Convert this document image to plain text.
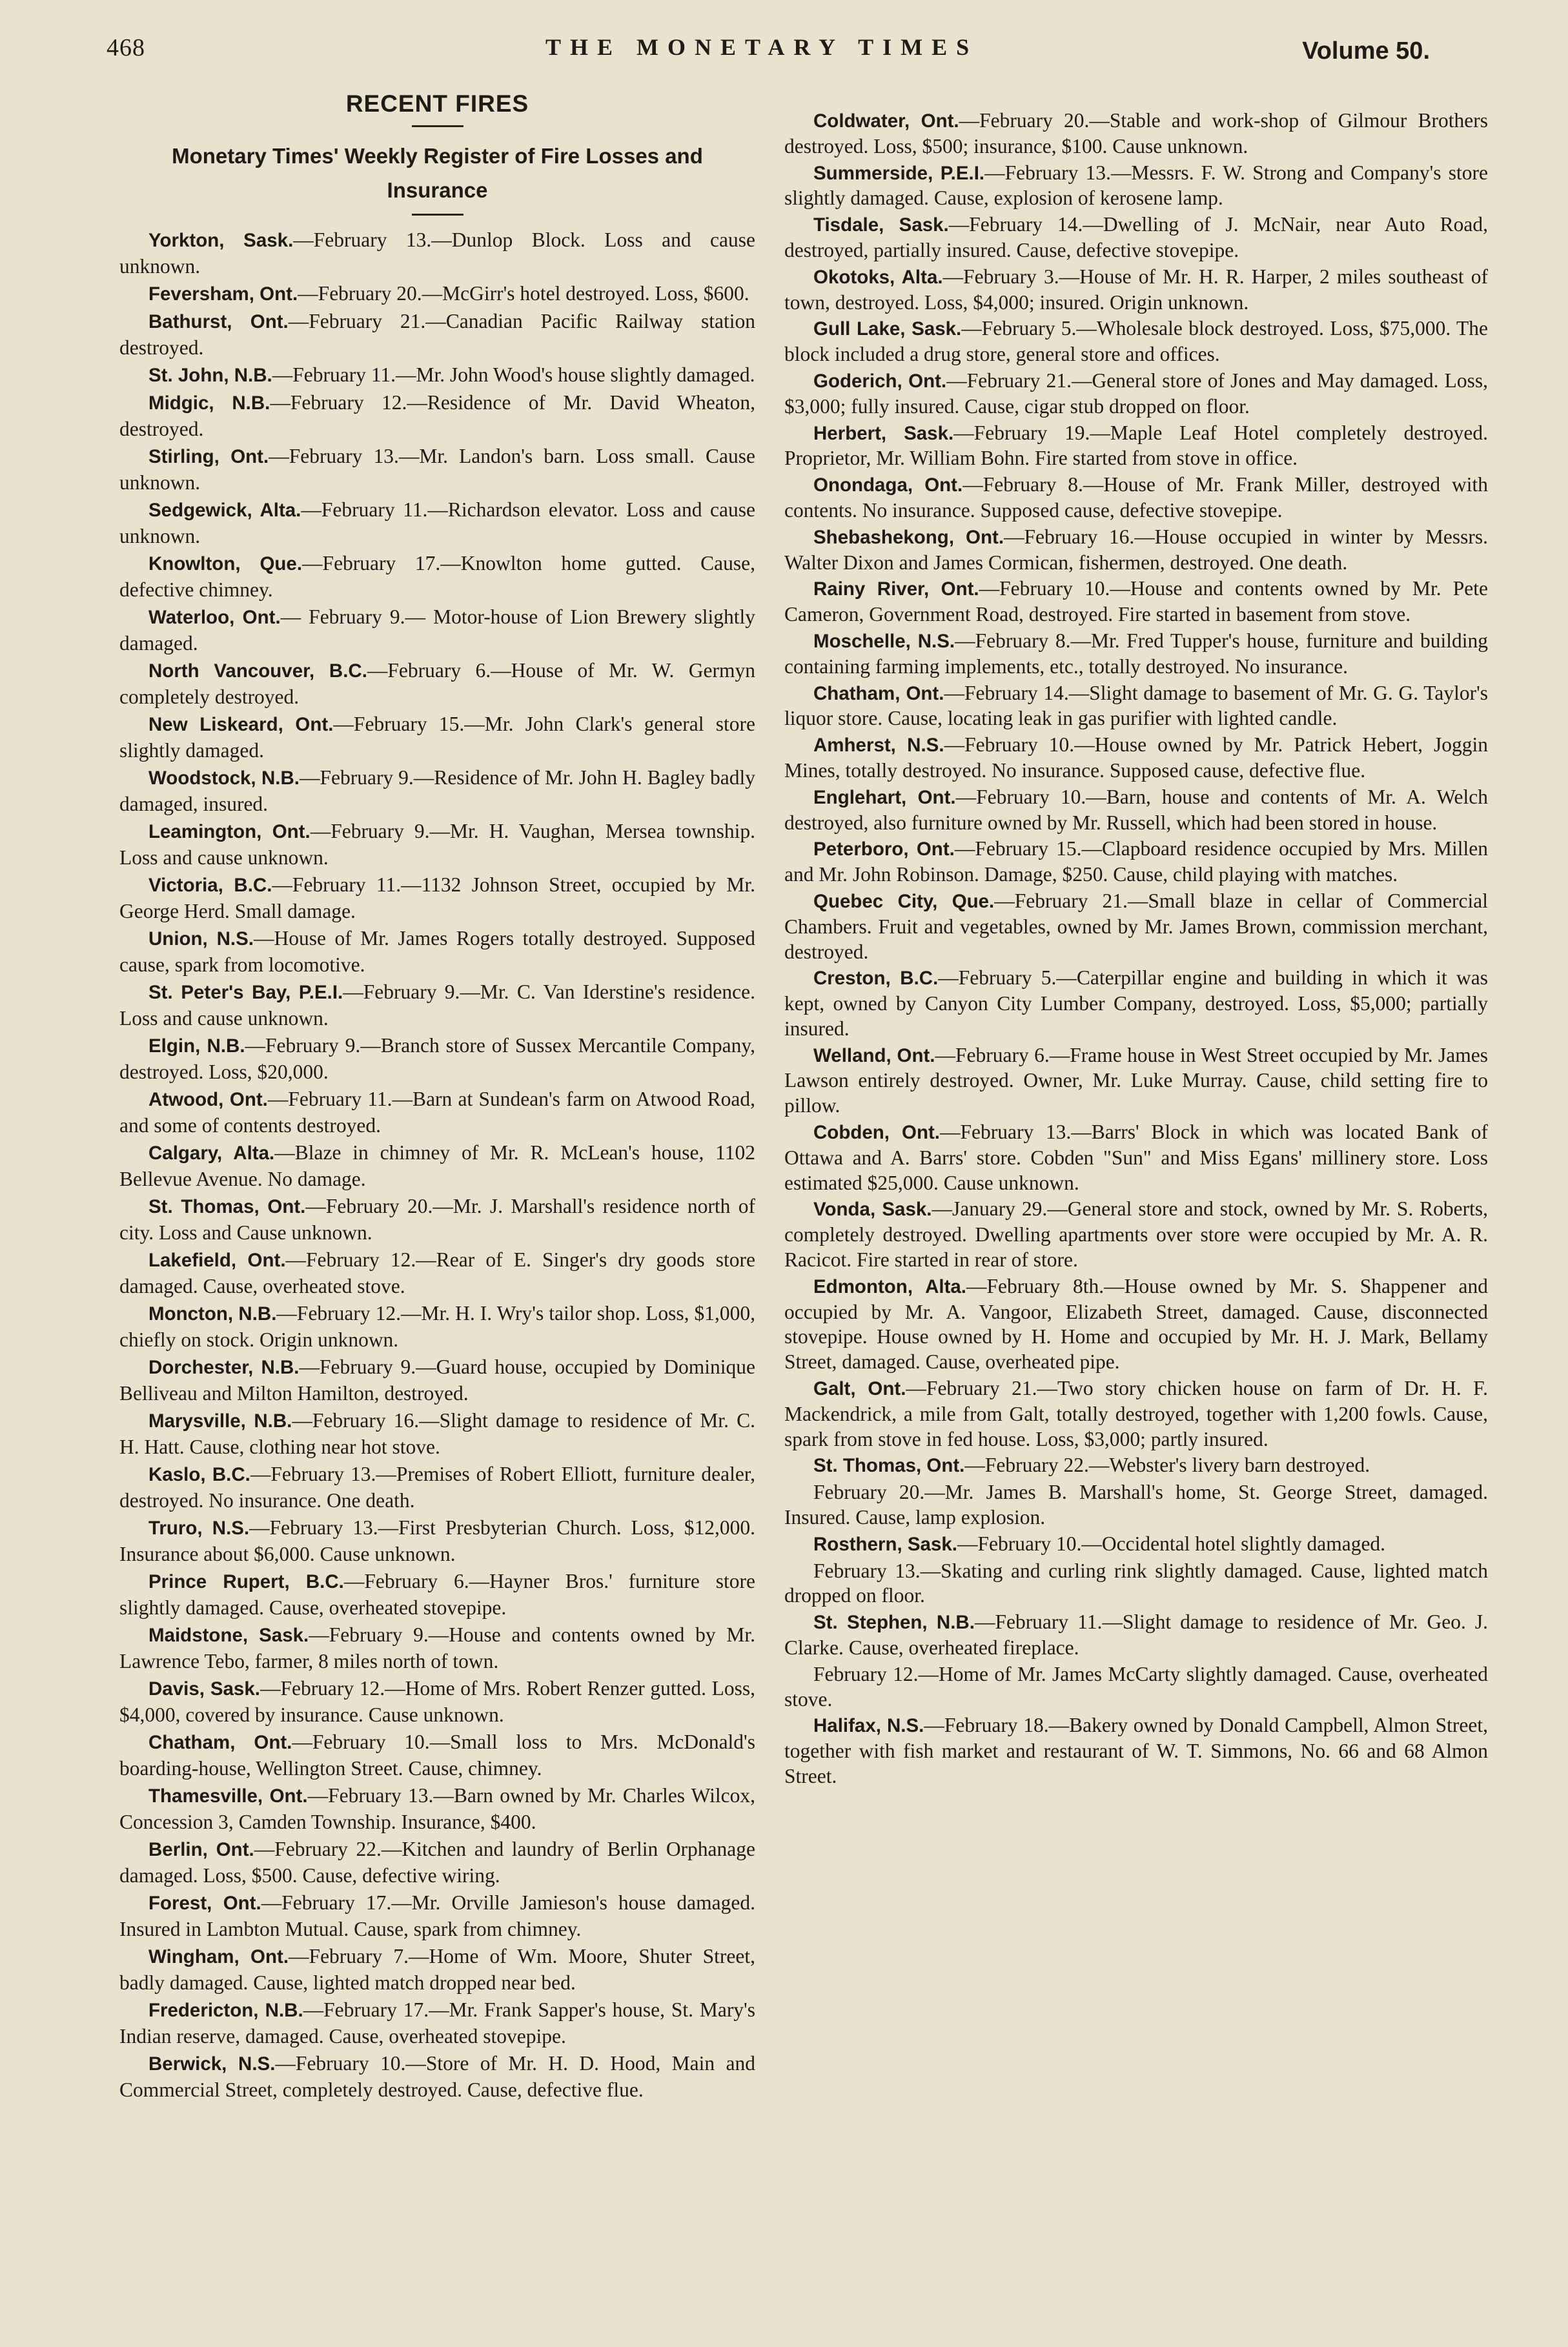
468	THE MONETARY TIMES	Volume 50.
RECENT FIRES
Monetary Times' Weekly Register of Fire Losses and Insurance

Yorkton, Sask.—February 13.—Dunlop Block. Loss and cause unknown.

Feversham, Ont.—February 20.—McGirr's hotel destroyed. Loss, $600.

Bathurst, Ont.—February 21.—Canadian Pacific Railway station destroyed.

St. John, N.B.—February 11.—Mr. John Wood's house slightly damaged.

Midgic, N.B.—February 12.—Residence of Mr. David Wheaton, destroyed.

Stirling, Ont.—February 13.—Mr. Landon's barn. Loss small. Cause unknown.

Sedgewick, Alta.—February 11.—Richardson elevator. Loss and cause unknown.

Knowlton, Que.—February 17.—Knowlton home gutted. Cause, defective chimney.

Waterloo, Ont.— February 9.— Motor-house of Lion Brewery slightly damaged.

North Vancouver, B.C.—February 6.—House of Mr. W. Germyn completely destroyed.

New Liskeard, Ont.—February 15.—Mr. John Clark's general store slightly damaged.

Woodstock, N.B.—February 9.—Residence of Mr. John H. Bagley badly damaged, insured.

Leamington, Ont.—February 9.—Mr. H. Vaughan, Mersea township. Loss and cause unknown.

Victoria, B.C.—February 11.—1132 Johnson Street, occupied by Mr. George Herd. Small damage.

Union, N.S.—House of Mr. James Rogers totally destroyed. Supposed cause, spark from locomotive.

St. Peter's Bay, P.E.I.—February 9.—Mr. C. Van Iderstine's residence. Loss and cause unknown.

Elgin, N.B.—February 9.—Branch store of Sussex Mercantile Company, destroyed. Loss, $20,000.

Atwood, Ont.—February 11.—Barn at Sundean's farm on Atwood Road, and some of contents destroyed.

Calgary, Alta.—Blaze in chimney of Mr. R. McLean's house, 1102 Bellevue Avenue. No damage.

St. Thomas, Ont.—February 20.—Mr. J. Marshall's residence north of city. Loss and Cause unknown.

Lakefield, Ont.—February 12.—Rear of E. Singer's dry goods store damaged. Cause, overheated stove.

Moncton, N.B.—February 12.—Mr. H. I. Wry's tailor shop. Loss, $1,000, chiefly on stock. Origin unknown.

Dorchester, N.B.—February 9.—Guard house, occupied by Dominique Belliveau and Milton Hamilton, destroyed.

Marysville, N.B.—February 16.—Slight damage to residence of Mr. C. H. Hatt. Cause, clothing near hot stove.

Kaslo, B.C.—February 13.—Premises of Robert Elliott, furniture dealer, destroyed. No insurance. One death.

Truro, N.S.—February 13.—First Presbyterian Church. Loss, $12,000. Insurance about $6,000. Cause unknown.

Prince Rupert, B.C.—February 6.—Hayner Bros.' furniture store slightly damaged. Cause, overheated stovepipe.

Maidstone, Sask.—February 9.—House and contents owned by Mr. Lawrence Tebo, farmer, 8 miles north of town.

Davis, Sask.—February 12.—Home of Mrs. Robert Renzer gutted. Loss, $4,000, covered by insurance. Cause unknown.

Chatham, Ont.—February 10.—Small loss to Mrs. McDonald's boarding-house, Wellington Street. Cause, chimney.

Thamesville, Ont.—February 13.—Barn owned by Mr. Charles Wilcox, Concession 3, Camden Township. Insurance, $400.

Berlin, Ont.—February 22.—Kitchen and laundry of Berlin Orphanage damaged. Loss, $500. Cause, defective wiring.

Forest, Ont.—February 17.—Mr. Orville Jamieson's house damaged. Insured in Lambton Mutual. Cause, spark from chimney.

Wingham, Ont.—February 7.—Home of Wm. Moore, Shuter Street, badly damaged. Cause, lighted match dropped near bed.

Fredericton, N.B.—February 17.—Mr. Frank Sapper's house, St. Mary's Indian reserve, damaged. Cause, overheated stovepipe.

Berwick, N.S.—February 10.—Store of Mr. H. D. Hood, Main and Commercial Street, completely destroyed. Cause, defective flue.

Coldwater, Ont.—February 20.—Stable and work-shop of Gilmour Brothers destroyed. Loss, $500; insurance, $100. Cause unknown.

Summerside, P.E.I.—February 13.—Messrs. F. W. Strong and Company's store slightly damaged. Cause, explosion of kerosene lamp.

Tisdale, Sask.—February 14.—Dwelling of J. McNair, near Auto Road, destroyed, partially insured. Cause, defective stovepipe.

Okotoks, Alta.—February 3.—House of Mr. H. R. Harper, 2 miles southeast of town, destroyed. Loss, $4,000; insured. Origin unknown.

Gull Lake, Sask.—February 5.—Wholesale block destroyed. Loss, $75,000. The block included a drug store, general store and offices.

Goderich, Ont.—February 21.—General store of Jones and May damaged. Loss, $3,000; fully insured. Cause, cigar stub dropped on floor.

Herbert, Sask.—February 19.—Maple Leaf Hotel completely destroyed. Proprietor, Mr. William Bohn. Fire started from stove in office.

Onondaga, Ont.—February 8.—House of Mr. Frank Miller, destroyed with contents. No insurance. Supposed cause, defective stovepipe.

Shebashekong, Ont.—February 16.—House occupied in winter by Messrs. Walter Dixon and James Cormican, fishermen, destroyed. One death.

Rainy River, Ont.—February 10.—House and contents owned by Mr. Pete Cameron, Government Road, destroyed. Fire started in basement from stove.

Moschelle, N.S.—February 8.—Mr. Fred Tupper's house, furniture and building containing farming implements, etc., totally destroyed. No insurance.

Chatham, Ont.—February 14.—Slight damage to basement of Mr. G. G. Taylor's liquor store. Cause, locating leak in gas purifier with lighted candle.

Amherst, N.S.—February 10.—House owned by Mr. Patrick Hebert, Joggin Mines, totally destroyed. No insurance. Supposed cause, defective flue.

Englehart, Ont.—February 10.—Barn, house and contents of Mr. A. Welch destroyed, also furniture owned by Mr. Russell, which had been stored in house.

Peterboro, Ont.—February 15.—Clapboard residence occupied by Mrs. Millen and Mr. John Robinson. Damage, $250. Cause, child playing with matches.

Quebec City, Que.—February 21.—Small blaze in cellar of Commercial Chambers. Fruit and vegetables, owned by Mr. James Brown, commission merchant, destroyed.

Creston, B.C.—February 5.—Caterpillar engine and building in which it was kept, owned by Canyon City Lumber Company, destroyed. Loss, $5,000; partially insured.

Welland, Ont.—February 6.—Frame house in West Street occupied by Mr. James Lawson entirely destroyed. Owner, Mr. Luke Murray. Cause, child setting fire to pillow.

Cobden, Ont.—February 13.—Barrs' Block in which was located Bank of Ottawa and A. Barrs' store. Cobden "Sun" and Miss Egans' millinery store. Loss estimated $25,000. Cause unknown.

Vonda, Sask.—January 29.—General store and stock, owned by Mr. S. Roberts, completely destroyed. Dwelling apartments over store were occupied by Mr. A. R. Racicot. Fire started in rear of store.

Edmonton, Alta.—February 8th.—House owned by Mr. S. Shappener and occupied by Mr. A. Vangoor, Elizabeth Street, damaged. Cause, disconnected stovepipe. House owned by H. Home and occupied by Mr. H. J. Mark, Bellamy Street, damaged. Cause, overheated pipe.

Galt, Ont.—February 21.—Two story chicken house on farm of Dr. H. F. Mackendrick, a mile from Galt, totally destroyed, together with 1,200 fowls. Cause, spark from stove in fed house. Loss, $3,000; partly insured.

St. Thomas, Ont.—February 22.—Webster's livery barn destroyed.

February 20.—Mr. James B. Marshall's home, St. George Street, damaged. Insured. Cause, lamp explosion.

Rosthern, Sask.—February 10.—Occidental hotel slightly damaged.

February 13.—Skating and curling rink slightly damaged. Cause, lighted match dropped on floor.

St. Stephen, N.B.—February 11.—Slight damage to residence of Mr. Geo. J. Clarke. Cause, overheated fireplace.

February 12.—Home of Mr. James McCarty slightly damaged. Cause, overheated stove.

Halifax, N.S.—February 18.—Bakery owned by Donald Campbell, Almon Street, together with fish market and restaurant of W. T. Simmons, No. 66 and 68 Almon Street.
